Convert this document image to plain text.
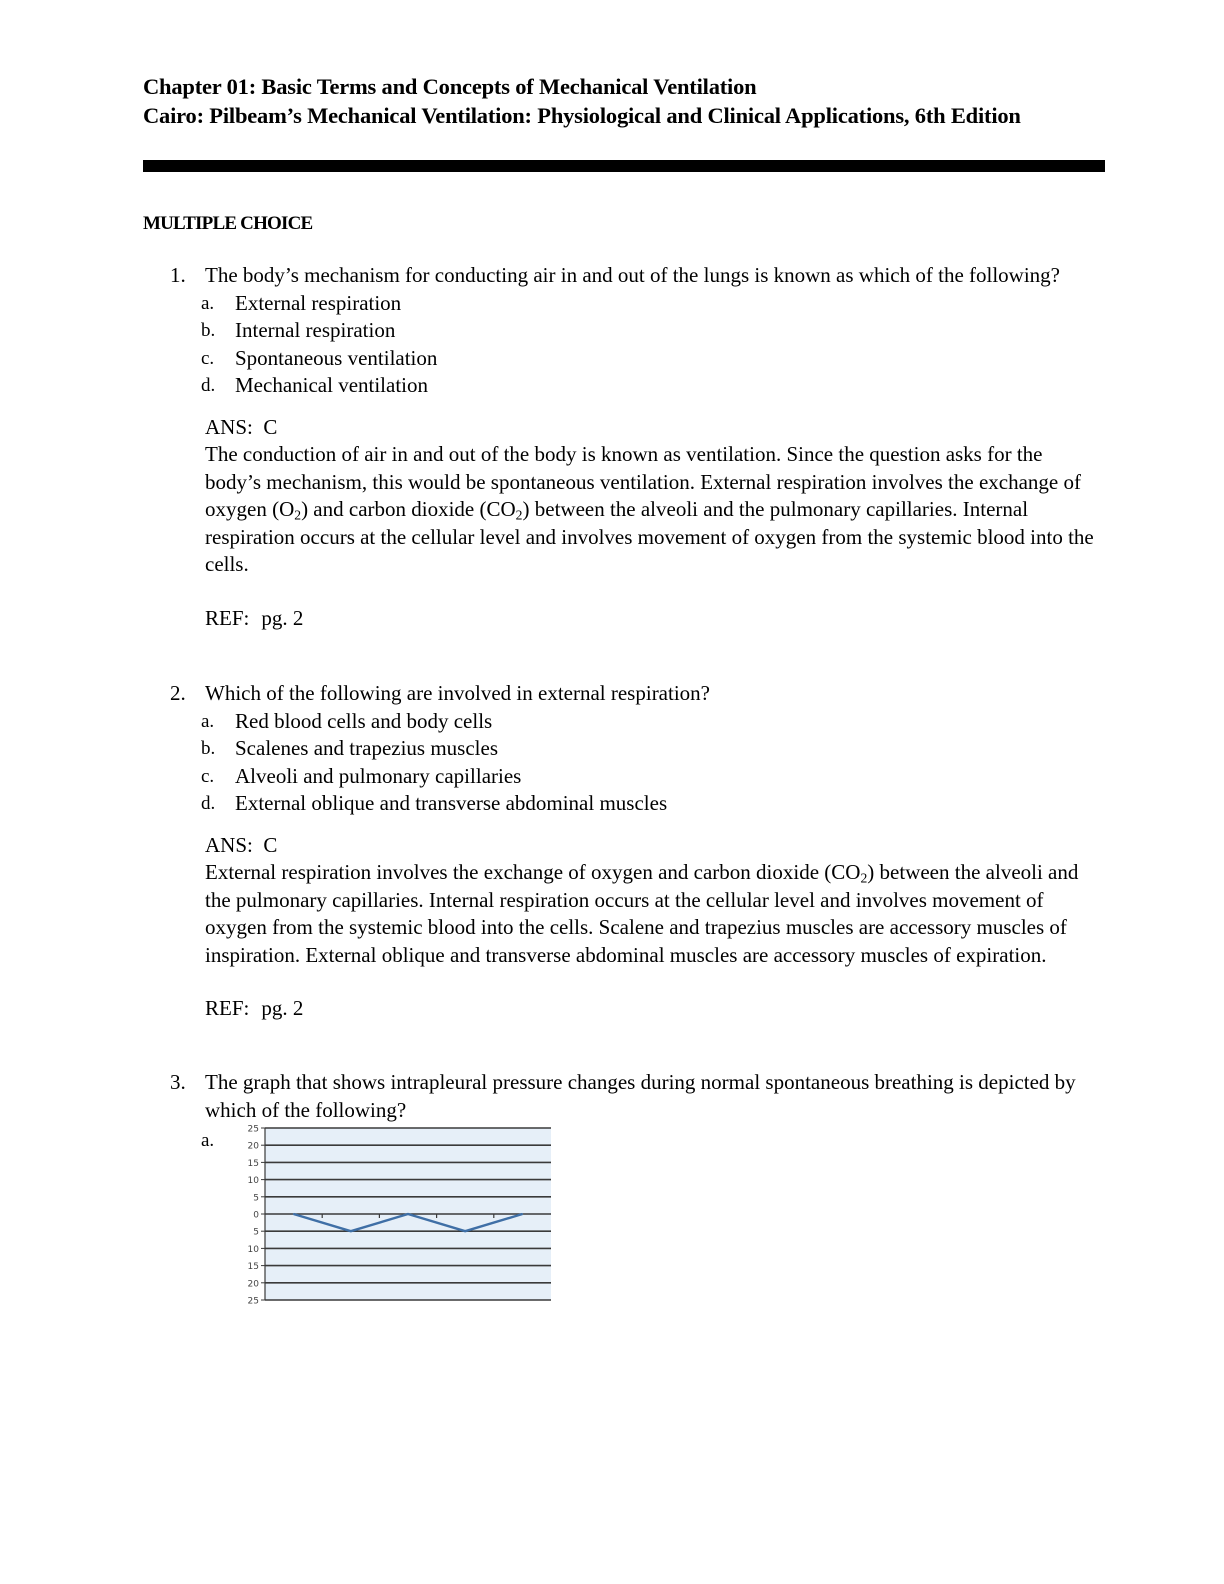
Chapter 01: Basic Terms and Concepts of Mechanical Ventilation
Cairo: Pilbeam’s Mechanical Ventilation: Physiological and Clinical Applications, 6th Edition
MULTIPLE CHOICE
1. The body’s mechanism for conducting air in and out of the lungs is known as which of the following?
a. External respiration
b. Internal respiration
c. Spontaneous ventilation
d. Mechanical ventilation
ANS: C
The conduction of air in and out of the body is known as ventilation. Since the question asks for the body’s mechanism, this would be spontaneous ventilation. External respiration involves the exchange of oxygen $(O_2)$ and carbon dioxide $(CO_2)$ between the alveoli and the pulmonary capillaries. Internal respiration occurs at the cellular level and involves movement of oxygen from the systemic blood into the cells.
REF: pg. 2
2. Which of the following are involved in external respiration?
a. Red blood cells and body cells
b. Scalenes and trapezius muscles
c. Alveoli and pulmonary capillaries
d. External oblique and transverse abdominal muscles
ANS: C
External respiration involves the exchange of oxygen and carbon dioxide $(CO_2)$ between the alveoli and the pulmonary capillaries. Internal respiration occurs at the cellular level and involves movement of oxygen from the systemic blood into the cells. Scalene and trapezius muscles are accessory muscles of inspiration. External oblique and transverse abdominal muscles are accessory muscles of expiration.
REF: pg. 2
3. The graph that shows intrapleural pressure changes during normal spontaneous breathing is depicted by which of the following?
a.
25
20
15
10
5
0
5
10
15
20
25
